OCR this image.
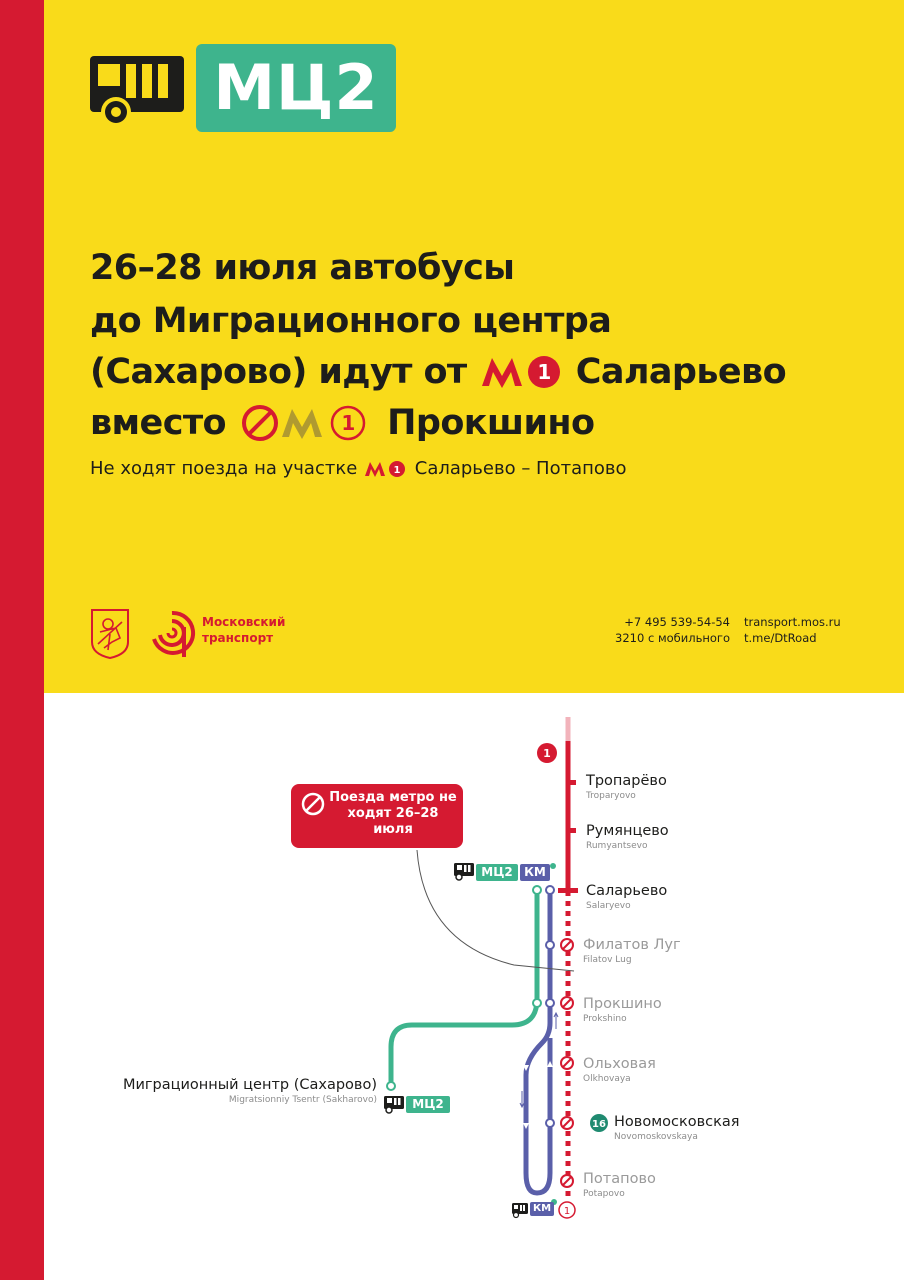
МЦ2
26–28 июля автобусы
до Миграционного центра
(Сахарово) идут от	1 Саларьево
вместо	1 Прокшино
Не ходят поезда на участке	1 Саларьево – Потапово
Московский
транспорт
+7 495 539-54-54
3210 с мобильного
transport.mos.ru
t.me/DtRoad
1
16
1
Поезда метро не ходят 26–28 июля
МЦ2 КМ
МЦ2
КМ
Тропарёво
Troparyovo
Румянцево
Rumyantsevo
Саларьево
Salaryevo
Филатов Луг
Filatov Lug
Прокшино
Prokshino
Ольховая
Olkhovaya
Новомосковская
Novomoskovskaya
Потапово
Potapovo
Миграционный центр (Сахарово)
Migratsionniy Tsentr (Sakharovo)
